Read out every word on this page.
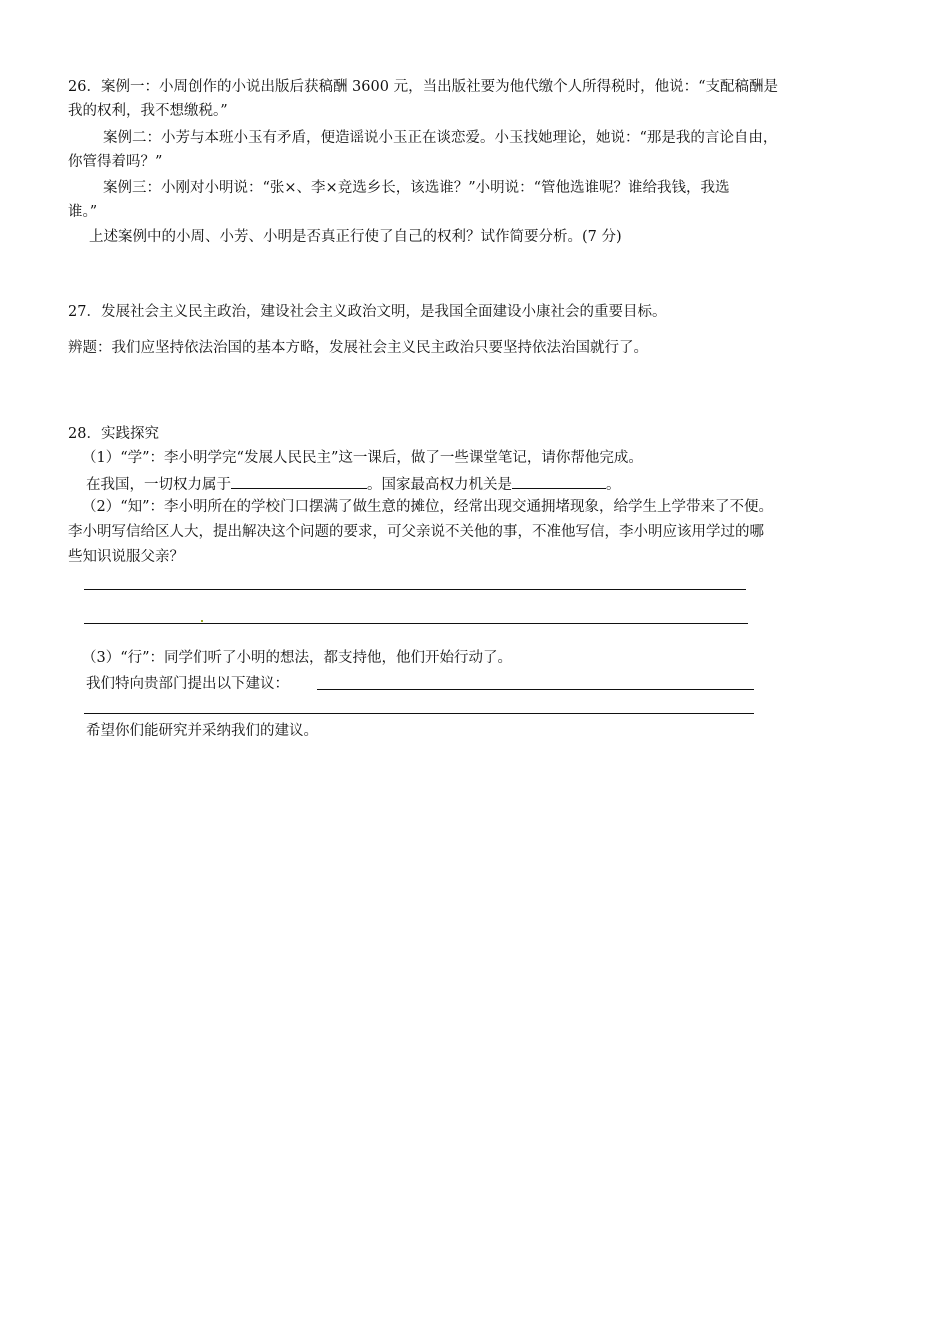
26．案例一：小周创作的小说出版后获稿酬 3600 元，当出版社要为他代缴个人所得税时，他说：“支配稿酬是
我的权利，我不想缴税。”
案例二：小芳与本班小玉有矛盾，便造谣说小玉正在谈恋爱。小玉找她理论，她说：“那是我的言论自由，
你管得着吗？”
案例三：小刚对小明说：“张×、李×竞选乡长，该选谁？”小明说：“管他选谁呢？谁给我钱，我选
谁。”
上述案例中的小周、小芳、小明是否真正行使了自己的权利？试作简要分析。(7 分)
27．发展社会主义民主政治，建设社会主义政治文明，是我国全面建设小康社会的重要目标。
辨题：我们应坚持依法治国的基本方略，发展社会主义民主政治只要坚持依法治国就行了。
28．实践探究
（1）“学”：李小明学完“发展人民民主”这一课后，做了一些课堂笔记，请你帮他完成。
在我国，一切权力属于	。国家最高权力机关是	。
（2）“知”：李小明所在的学校门口摆满了做生意的摊位，经常出现交通拥堵现象，给学生上学带来了不便。
李小明写信给区人大，提出解决这个问题的要求，可父亲说不关他的事，不准他写信，李小明应该用学过的哪
些知识说服父亲？
（3）“行”：同学们听了小明的想法，都支持他，他们开始行动了。
我们特向贵部门提出以下建议：
希望你们能研究并采纳我们的建议。
